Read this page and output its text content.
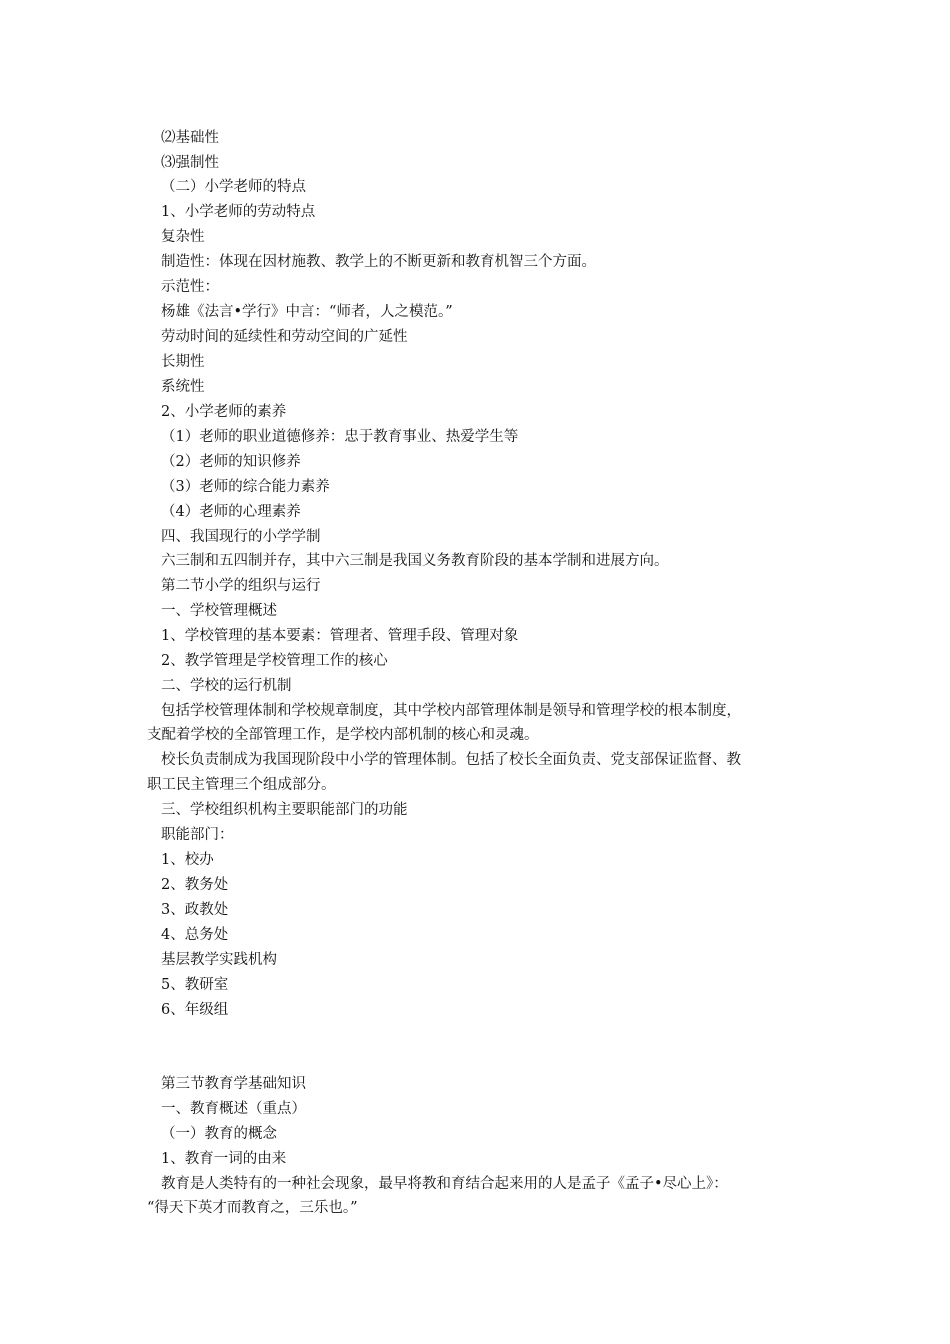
⑵基础性
⑶强制性
（二）小学老师的特点
1、小学老师的劳动特点
复杂性
制造性：体现在因材施教、教学上的不断更新和教育机智三个方面。
示范性：
杨雄《法言•学行》中言：“师者，人之模范。”
劳动时间的延续性和劳动空间的广延性
长期性
系统性
2、小学老师的素养
（1）老师的职业道德修养：忠于教育事业、热爱学生等
（2）老师的知识修养
（3）老师的综合能力素养
（4）老师的心理素养
四、我国现行的小学学制
六三制和五四制并存，其中六三制是我国义务教育阶段的基本学制和进展方向。
第二节小学的组织与运行
一、学校管理概述
1、学校管理的基本要素：管理者、管理手段、管理对象
2、教学管理是学校管理工作的核心
二、学校的运行机制
包括学校管理体制和学校规章制度，其中学校内部管理体制是领导和管理学校的根本制度，
支配着学校的全部管理工作，是学校内部机制的核心和灵魂。
校长负责制成为我国现阶段中小学的管理体制。包括了校长全面负责、党支部保证监督、教
职工民主管理三个组成部分。
三、学校组织机构主要职能部门的功能
职能部门：
1、校办
2、教务处
3、政教处
4、总务处
基层教学实践机构
5、教研室
6、年级组
第三节教育学基础知识
一、教育概述（重点）
（一）教育的概念
1、教育一词的由来
教育是人类特有的一种社会现象，最早将教和育结合起来用的人是孟子《孟子•尽心上》：
“得天下英才而教育之，三乐也。”
